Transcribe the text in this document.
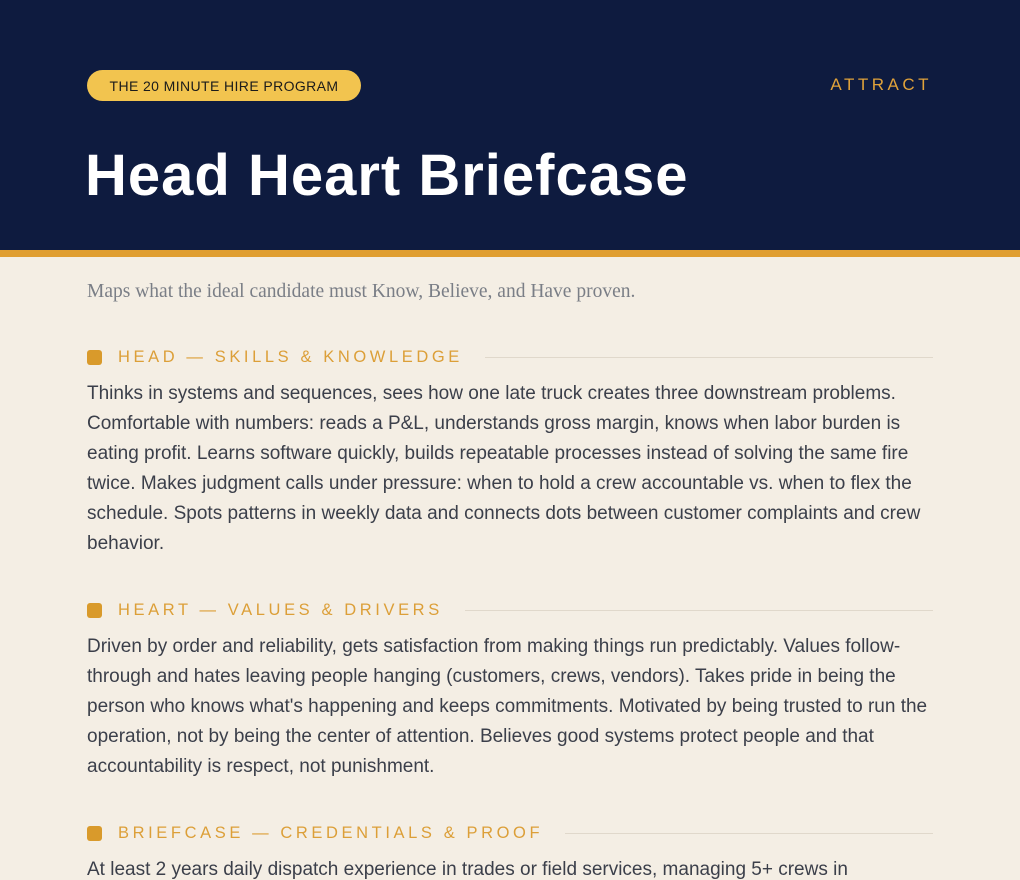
THE 20 MINUTE HIRE PROGRAM	ATTRACT
Head Heart Briefcase

Maps what the ideal candidate must Know, Believe, and Have proven.

HEAD — SKILLS & KNOWLEDGE

Thinks in systems and sequences, sees how one late truck creates three downstream problems. Comfortable with numbers: reads a P&L, understands gross margin, knows when labor burden is eating profit. Learns software quickly, builds repeatable processes instead of solving the same fire twice. Makes judgment calls under pressure: when to hold a crew accountable vs. when to flex the schedule. Spots patterns in weekly data and connects dots between customer complaints and crew behavior.

HEART — VALUES & DRIVERS

Driven by order and reliability, gets satisfaction from making things run predictably. Values follow-through and hates leaving people hanging (customers, crews, vendors). Takes pride in being the person who knows what's happening and keeps commitments. Motivated by being trusted to run the operation, not by being the center of attention. Believes good systems protect people and that accountability is respect, not punishment.

BRIEFCASE — CREDENTIALS & PROOF

At least 2 years daily dispatch experience in trades or field services, managing 5+ crews in
